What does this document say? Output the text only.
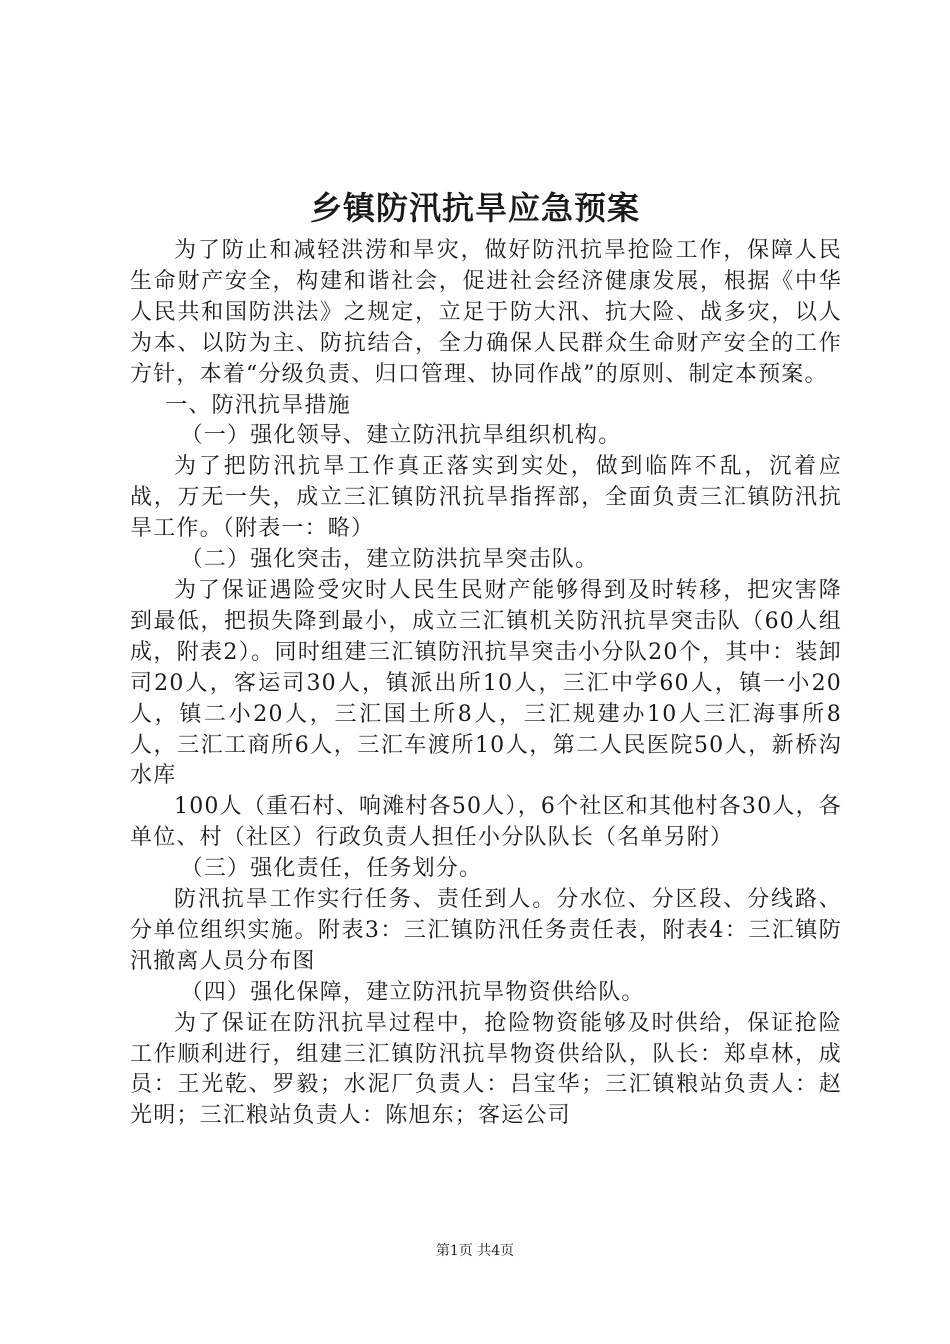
乡镇防汛抗旱应急预案

为了防止和减轻洪涝和旱灾，做好防汛抗旱抢险工作，保障人民生命财产安全，构建和谐社会，促进社会经济健康发展，根据《中华人民共和国防洪法》之规定，立足于防大汛、抗大险、战多灾，以人为本、以防为主、防抗结合，全力确保人民群众生命财产安全的工作方针，本着“分级负责、归口管理、协同作战”的原则、制定本预案。

一、防汛抗旱措施

（一）强化领导、建立防汛抗旱组织机构。

为了把防汛抗旱工作真正落实到实处，做到临阵不乱，沉着应战，万无一失，成立三汇镇防汛抗旱指挥部，全面负责三汇镇防汛抗旱工作。（附表一：略）

（二）强化突击，建立防洪抗旱突击队。

为了保证遇险受灾时人民生民财产能够得到及时转移，把灾害降到最低，把损失降到最小，成立三汇镇机关防汛抗旱突击队（60人组成，附表2）。同时组建三汇镇防汛抗旱突击小分队20个，其中：装卸司20人，客运司30人，镇派出所10人，三汇中学60人，镇一小20人，镇二小20人，三汇国土所8人，三汇规建办10人三汇海事所8人，三汇工商所6人，三汇车渡所10人，第二人民医院50人，新桥沟水库

100人（重石村、响滩村各50人），6个社区和其他村各30人，各单位、村（社区）行政负责人担任小分队队长（名单另附）

（三）强化责任，任务划分。

防汛抗旱工作实行任务、责任到人。分水位、分区段、分线路、分单位组织实施。附表3：三汇镇防汛任务责任表，附表4：三汇镇防汛撤离人员分布图

（四）强化保障，建立防汛抗旱物资供给队。

为了保证在防汛抗旱过程中，抢险物资能够及时供给，保证抢险工作顺利进行，组建三汇镇防汛抗旱物资供给队，队长：郑卓林，成员：王光乾、罗毅；水泥厂负责人：吕宝华；三汇镇粮站负责人：赵光明；三汇粮站负责人：陈旭东；客运公司

第1页 共4页
